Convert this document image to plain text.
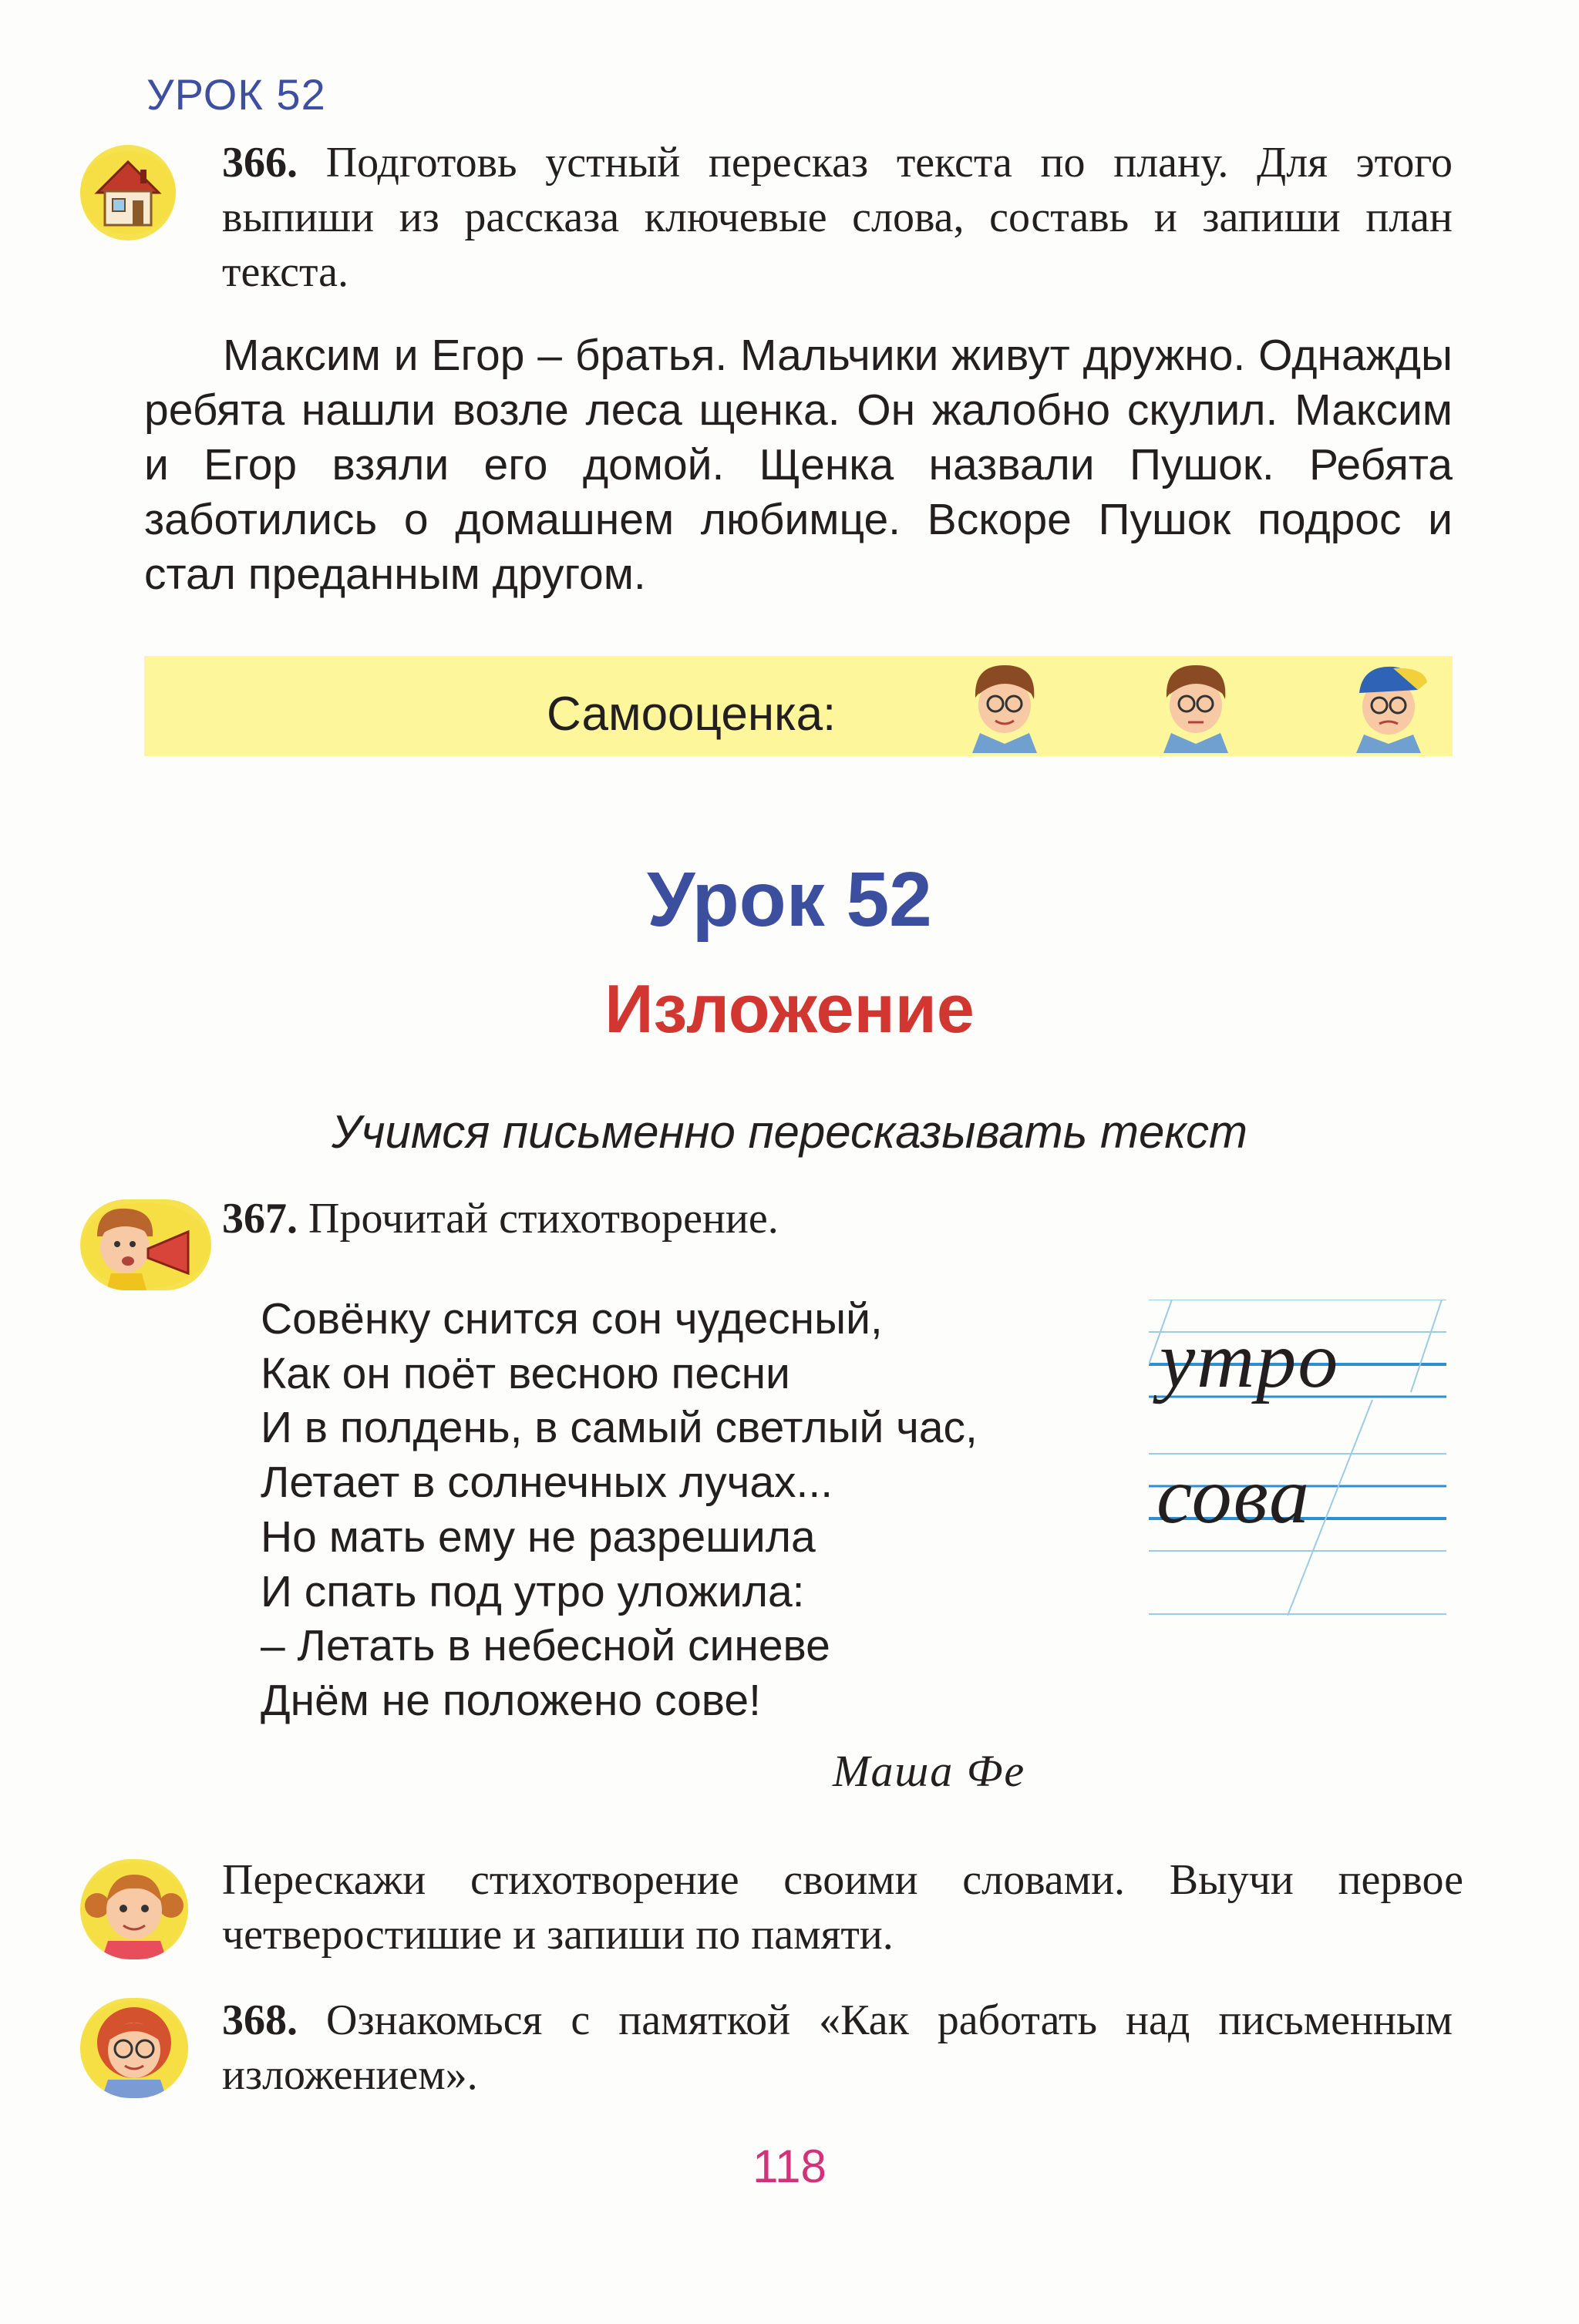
УРОК 52
366. Подготовь устный пересказ текста по плану. Для этого выпиши из рассказа ключевые слова, составь и запиши план текста.
Максим и Егор – братья. Мальчики живут дружно. Однажды ребята нашли возле леса щенка. Он жалобно скулил. Максим и Егор взяли его домой. Щенка назвали Пушок. Ребята заботились о домашнем любимце. Вскоре Пушок подрос и стал преданным другом.
Самооценка:
Урок 52
Изложение
Учимся письменно пересказывать текст
367. Прочитай стихотворение.
Совёнку снится сон чудесный,
Как он поёт весною песни
И в полдень, в самый светлый час,
Летает в солнечных лучах...
Но мать ему не разрешила
И спать под утро уложила:
– Летать в небесной синеве
Днём не положено сове!
Маша Фе
утро
сова
Перескажи стихотворение своими словами. Выучи первое четверостишие и запиши по памяти.
368. Ознакомься с памяткой «Как работать над письменным изложением».
118
